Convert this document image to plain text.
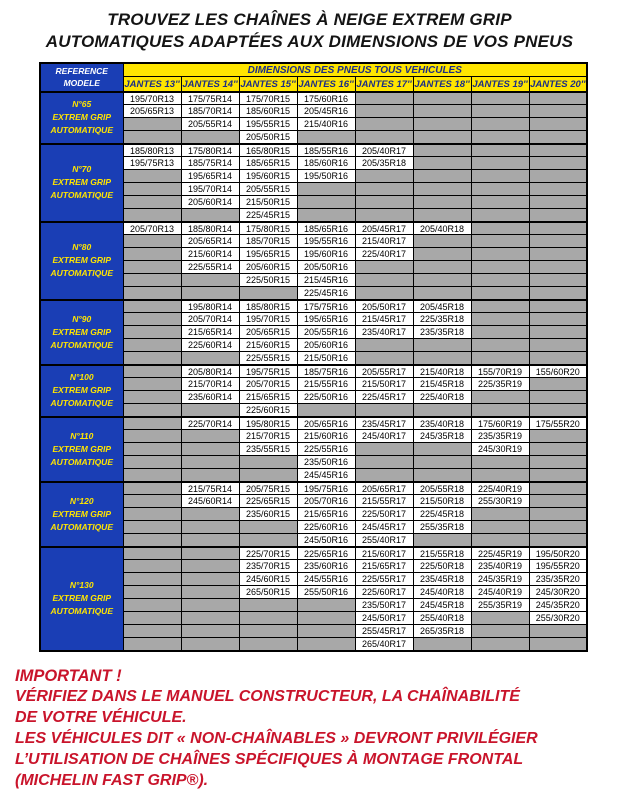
TROUVEZ LES CHAÎNES À NEIGE EXTREM GRIP
AUTOMATIQUES ADAPTÉES AUX DIMENSIONS DE VOS PNEUS
REFERENCE
MODELE	DIMENSIONS DES PNEUS TOUS VEHICULES							
	JANTES 13''	JANTES 14''	JANTES 15''	JANTES 16''	JANTES 17''	JANTES 18''	JANTES 19''	JANTES 20''

N°65
EXTREM GRIP
AUTOMATIQUE	195/70R13	175/75R14	175/70R15	175/60R16				
	205/65R13	185/70R14	185/60R15	205/45R16				
		205/55R14	195/55R15	215/40R16				
			205/50R15					

N°70
EXTREM GRIP
AUTOMATIQUE	185/80R13	175/80R14	165/80R15	185/55R16	205/40R17			
	195/75R13	185/75R14	185/65R15	185/60R16	205/35R18			
		195/65R14	195/60R15	195/50R16				
		195/70R14	205/55R15					
		205/60R14	215/50R15					
			225/45R15					

N°80
EXTREM GRIP
AUTOMATIQUE	205/70R13	185/80R14	175/80R15	185/65R16	205/45R17	205/40R18		
		205/65R14	185/70R15	195/55R16	215/40R17			
		215/60R14	195/65R15	195/60R16	225/40R17			
		225/55R14	205/60R15	205/50R16				
			225/50R15	215/45R16				
				225/45R16				

N°90
EXTREM GRIP
AUTOMATIQUE		195/80R14	185/80R15	175/75R16	205/50R17	205/45R18		
		205/70R14	195/70R15	195/65R16	215/45R17	225/35R18		
		215/65R14	205/65R15	205/55R16	235/40R17	235/35R18		
		225/60R14	215/60R15	205/60R16				
			225/55R15	215/50R16				

N°100
EXTREM GRIP
AUTOMATIQUE		205/80R14	195/75R15	185/75R16	205/55R17	215/40R18	155/70R19	155/60R20
		215/70R14	205/70R15	215/55R16	215/50R17	215/45R18	225/35R19	
		235/60R14	215/65R15	225/50R16	225/45R17	225/40R18		
			225/60R15					

N°110
EXTREM GRIP
AUTOMATIQUE		225/70R14	195/80R15	205/65R16	235/45R17	235/40R18	175/60R19	175/55R20
			215/70R15	215/60R16	245/40R17	245/35R18	235/35R19	
			235/55R15	225/55R16			245/30R19	
				235/50R16				
				245/45R16				

N°120
EXTREM GRIP
AUTOMATIQUE		215/75R14	205/75R15	195/75R16	205/65R17	205/55R18	225/40R19	
		245/60R14	225/65R15	205/70R16	215/55R17	215/50R18	255/30R19	
			235/60R15	215/65R16	225/50R17	225/45R18		
				225/60R16	245/45R17	255/35R18		
				245/50R16	255/40R17			

N°130
EXTREM GRIP
AUTOMATIQUE			225/70R15	225/65R16	215/60R17	215/55R18	225/45R19	195/50R20
			235/70R15	235/60R16	215/65R17	225/50R18	235/40R19	195/55R20
			245/60R15	245/55R16	225/55R17	235/45R18	245/35R19	235/35R20
			265/50R15	255/50R16	225/60R17	245/40R18	245/40R19	245/30R20
					235/50R17	245/45R18	255/35R19	245/35R20
					245/50R17	255/40R18		255/30R20
					255/45R17	265/35R18		
					265/40R17			
IMPORTANT !
VÉRIFIEZ DANS LE MANUEL CONSTRUCTEUR, LA CHAÎNABILITÉ
DE VOTRE VÉHICULE.
LES VÉHICULES DIT « NON-CHAÎNABLES » DEVRONT PRIVILÉGIER
L’UTILISATION DE CHAÎNES SPÉCIFIQUES À MONTAGE FRONTAL
(MICHELIN FAST GRIP®).
